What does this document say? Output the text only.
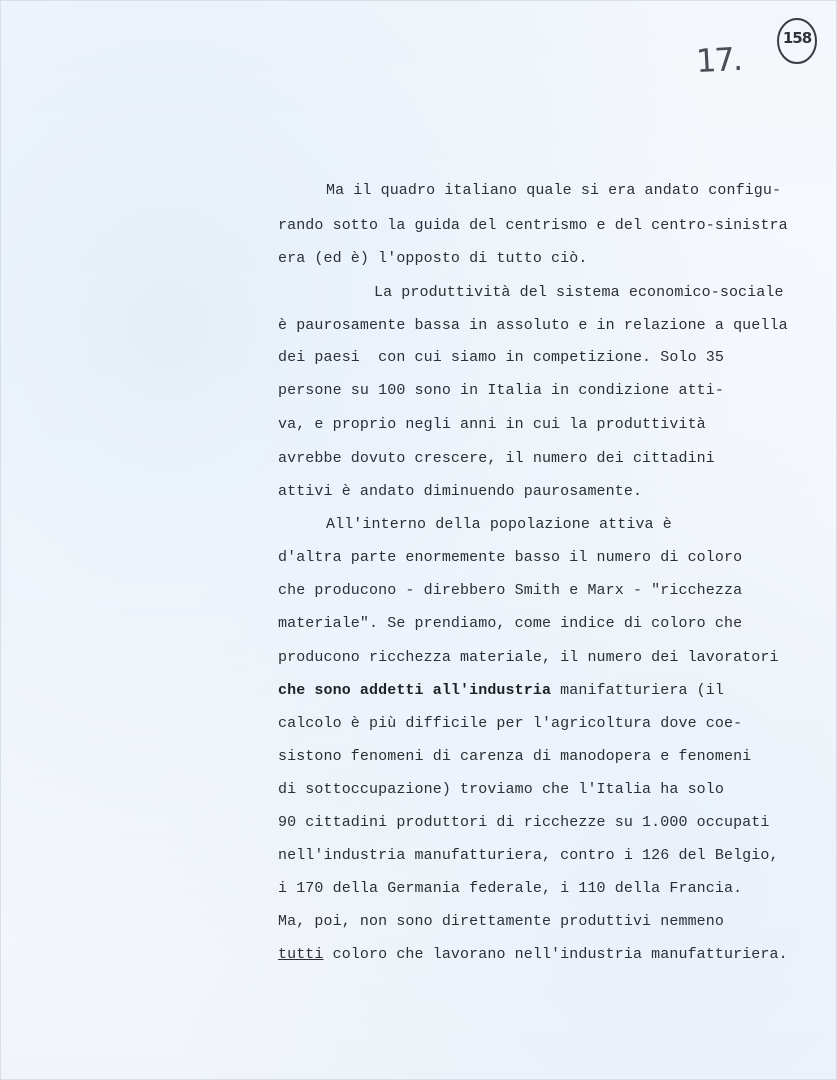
17.
158
Ma il quadro italiano quale si era andato configu-
rando sotto la guida del centrismo e del centro-sinistra
era (ed è) l'opposto di tutto ciò.
La produttività del sistema economico-sociale
è paurosamente bassa in assoluto e in relazione a quella
dei paesi  con cui siamo in competizione. Solo 35
persone su 100 sono in Italia in condizione atti-
va, e proprio negli anni in cui la produttività
avrebbe dovuto crescere, il numero dei cittadini
attivi è andato diminuendo paurosamente.
All'interno della popolazione attiva è
d'altra parte enormemente basso il numero di coloro
che producono - direbbero Smith e Marx - "ricchezza
materiale". Se prendiamo, come indice di coloro che
producono ricchezza materiale, il numero dei lavoratori
che sono addetti all'industria manifatturiera (il
calcolo è più difficile per l'agricoltura dove coe-
sistono fenomeni di carenza di manodopera e fenomeni
di sottoccupazione) troviamo che l'Italia ha solo
90 cittadini produttori di ricchezze su 1.000 occupati
nell'industria manufatturiera, contro i 126 del Belgio,
i 170 della Germania federale, i 110 della Francia.
Ma, poi, non sono direttamente produttivi nemmeno
tutti coloro che lavorano nell'industria manufatturiera.
